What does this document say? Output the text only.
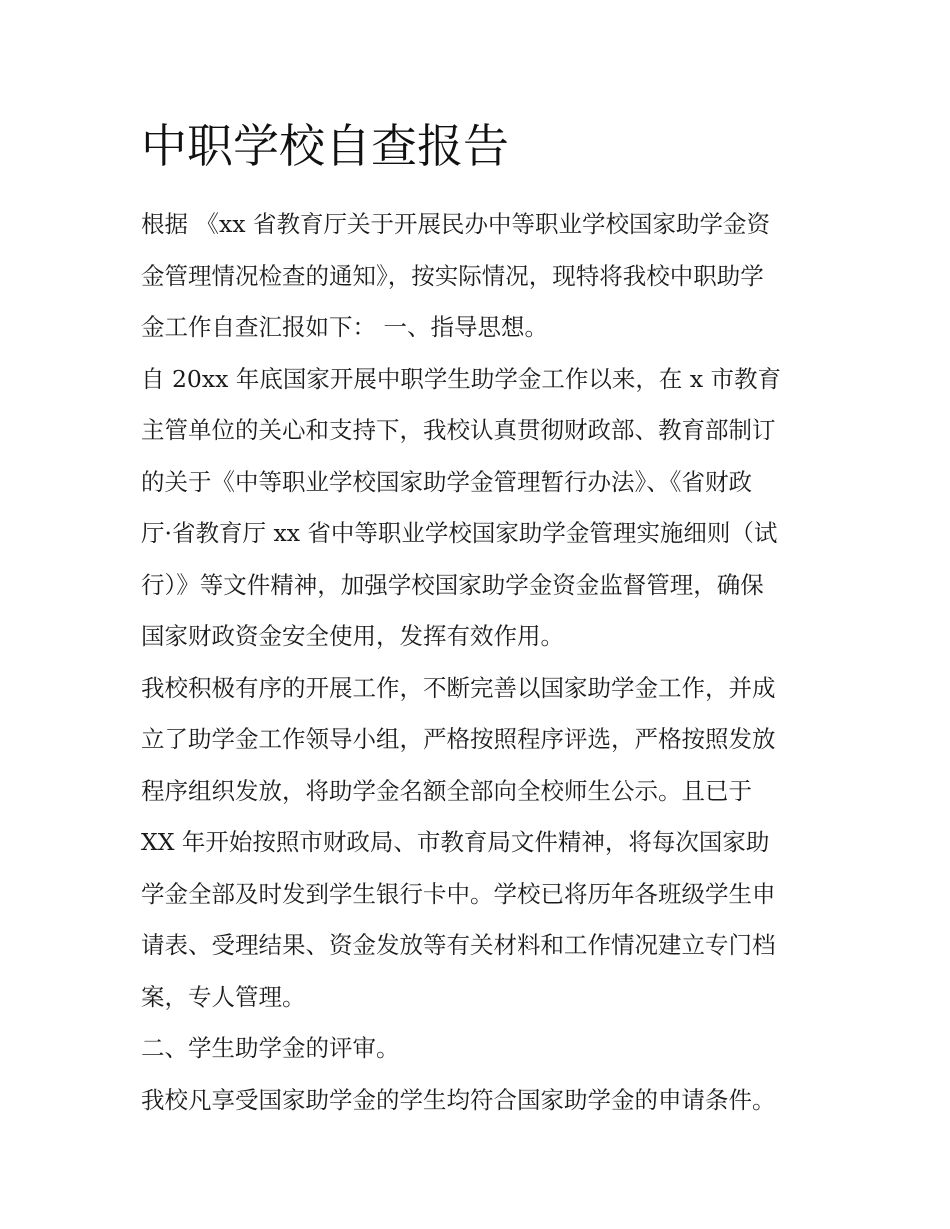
中职学校自查报告
根据 《xx 省教育厅关于开展民办中等职业学校国家助学金资
金管理情况检查的通知》，按实际情况，现特将我校中职助学
金工作自查汇报如下： 一、指导思想。
自 20xx 年底国家开展中职学生助学金工作以来，在 x 市教育
主管单位的关心和支持下，我校认真贯彻财政部、教育部制订
的关于《中等职业学校国家助学金管理暂行办法》、《省财政
厅·省教育厅 xx 省中等职业学校国家助学金管理实施细则（试
行）》等文件精神，加强学校国家助学金资金监督管理，确保
国家财政资金安全使用，发挥有效作用。
我校积极有序的开展工作，不断完善以国家助学金工作，并成
立了助学金工作领导小组，严格按照程序评选，严格按照发放
程序组织发放，将助学金名额全部向全校师生公示。且已于
XX 年开始按照市财政局、市教育局文件精神，将每次国家助
学金全部及时发到学生银行卡中。学校已将历年各班级学生申
请表、受理结果、资金发放等有关材料和工作情况建立专门档
案，专人管理。
二、学生助学金的评审。
我校凡享受国家助学金的学生均符合国家助学金的申请条件。
